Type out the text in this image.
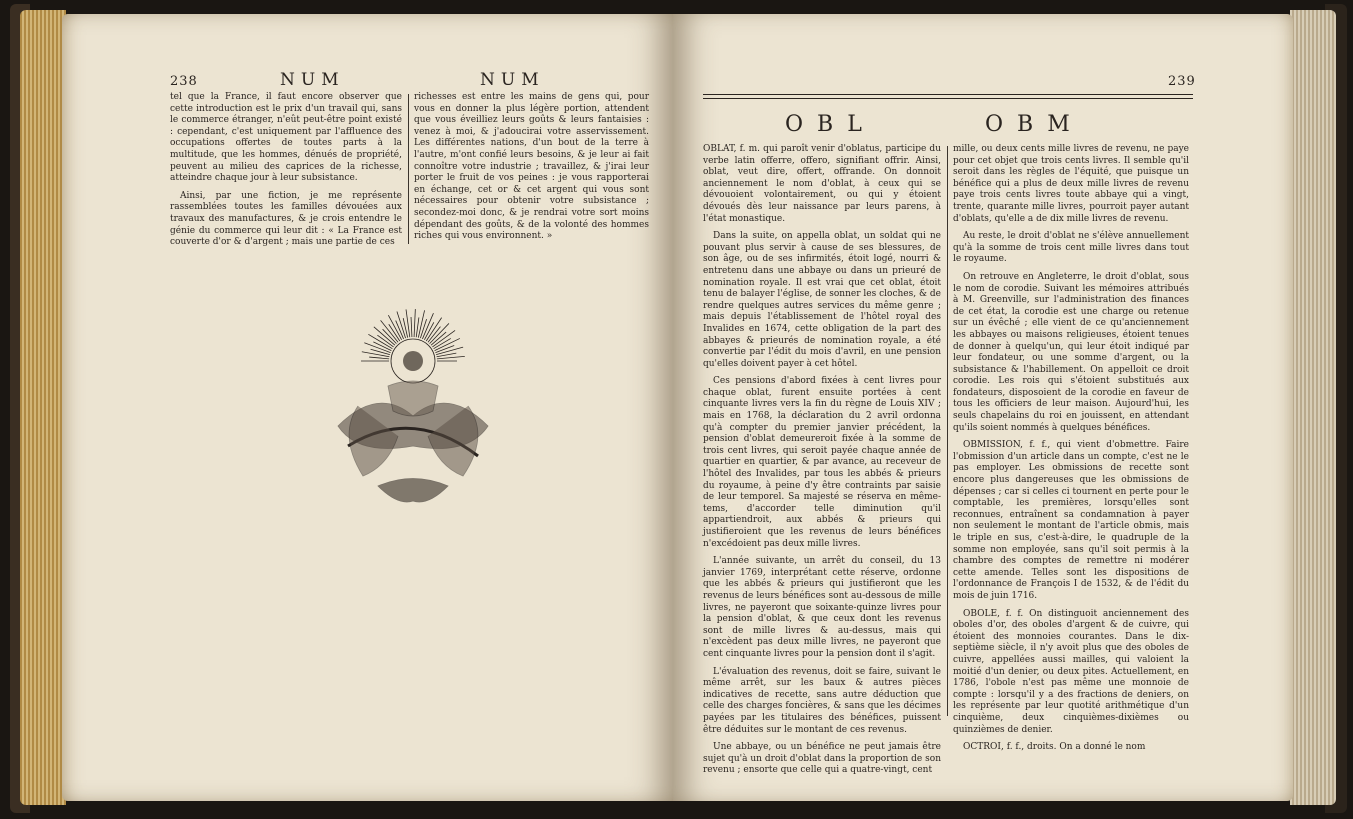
238	NUM	NUM

tel que la France, il faut encore observer que cette introduction est le prix d'un travail qui, sans le commerce étranger, n'eût peut-être point existé : cependant, c'est uniquement par l'affluence des occupations offertes de toutes parts à la multitude, que les hommes, dénués de propriété, peuvent au milieu des caprices de la richesse, atteindre chaque jour à leur subsistance.

Ainsi, par une fiction, je me représente rassemblées toutes les familles dévouées aux travaux des manufactures, & je crois entendre le génie du commerce qui leur dit : « La France est couverte d'or & d'argent ; mais une partie de ces

richesses est entre les mains de gens qui, pour vous en donner la plus légère portion, attendent que vous éveilliez leurs goûts & leurs fantaisies : venez à moi, & j'adoucirai votre asservissement. Les différentes nations, d'un bout de la terre à l'autre, m'ont confié leurs besoins, & je leur ai fait connoître votre industrie ; travaillez, & j'irai leur porter le fruit de vos peines : je vous rapporterai en échange, cet or & cet argent qui vous sont nécessaires pour obtenir votre subsistance ; secondez-moi donc, & je rendrai votre sort moins dépendant des goûts, & de la volonté des hommes riches qui vous environnent. »

239
OBL	OBM

OBLAT, f. m. qui paroît venir d'oblatus, participe du verbe latin offerre, offero, signifiant offrir. Ainsi, oblat, veut dire, offert, offrande. On donnoit anciennement le nom d'oblat, à ceux qui se dévouoient volontairement, ou qui y étoient dévoués dès leur naissance par leurs parens, à l'état monastique.

Dans la suite, on appella oblat, un soldat qui ne pouvant plus servir à cause de ses blessures, de son âge, ou de ses infirmités, étoit logé, nourri & entretenu dans une abbaye ou dans un prieuré de nomination royale. Il est vrai que cet oblat, étoit tenu de balayer l'église, de sonner les cloches, & de rendre quelques autres services du même genre ; mais depuis l'établissement de l'hôtel royal des Invalides en 1674, cette obligation de la part des abbayes & prieurés de nomination royale, a été convertie par l'édit du mois d'avril, en une pension qu'elles doivent payer à cet hôtel.

Ces pensions d'abord fixées à cent livres pour chaque oblat, furent ensuite portées à cent cinquante livres vers la fin du règne de Louis XIV ; mais en 1768, la déclaration du 2 avril ordonna qu'à compter du premier janvier précédent, la pension d'oblat demeureroit fixée à la somme de trois cent livres, qui seroit payée chaque année de quartier en quartier, & par avance, au receveur de l'hôtel des Invalides, par tous les abbés & prieurs du royaume, à peine d'y être contraints par saisie de leur temporel. Sa majesté se réserva en même-tems, d'accorder telle diminution qu'il appartiendroit, aux abbés & prieurs qui justifieroient que les revenus de leurs bénéfices n'excédoient pas deux mille livres.

L'année suivante, un arrêt du conseil, du 13 janvier 1769, interprétant cette réserve, ordonne que les abbés & prieurs qui justifieront que les revenus de leurs bénéfices sont au-dessous de mille livres, ne payeront que soixante-quinze livres pour la pension d'oblat, & que ceux dont les revenus sont de mille livres & au-dessus, mais qui n'excèdent pas deux mille livres, ne payeront que cent cinquante livres pour la pension dont il s'agit.

L'évaluation des revenus, doit se faire, suivant le même arrêt, sur les baux & autres pièces indicatives de recette, sans autre déduction que celle des charges foncières, & sans que les décimes payées par les titulaires des bénéfices, puissent être déduites sur le montant de ces revenus.

Une abbaye, ou un bénéfice ne peut jamais être sujet qu'à un droit d'oblat dans la proportion de son revenu ; ensorte que celle qui a quatre-vingt, cent

mille, ou deux cents mille livres de revenu, ne paye pour cet objet que trois cents livres. Il semble qu'il seroit dans les règles de l'équité, que puisque un bénéfice qui a plus de deux mille livres de revenu paye trois cents livres toute abbaye qui a vingt, trente, quarante mille livres, pourroit payer autant d'oblats, qu'elle a de dix mille livres de revenu.

Au reste, le droit d'oblat ne s'élève annuellement qu'à la somme de trois cent mille livres dans tout le royaume.

On retrouve en Angleterre, le droit d'oblat, sous le nom de corodie. Suivant les mémoires attribués à M. Greenville, sur l'administration des finances de cet état, la corodie est une charge ou retenue sur un évêché ; elle vient de ce qu'anciennement les abbayes ou maisons religieuses, étoient tenues de donner à quelqu'un, qui leur étoit indiqué par leur fondateur, ou une somme d'argent, ou la subsistance & l'habillement. On appelloit ce droit corodie. Les rois qui s'étoient substitués aux fondateurs, disposoient de la corodie en faveur de tous les officiers de leur maison. Aujourd'hui, les seuls chapelains du roi en jouissent, en attendant qu'ils soient nommés à quelques bénéfices.

OBMISSION, f. f., qui vient d'obmettre. Faire l'obmission d'un article dans un compte, c'est ne le pas employer. Les obmissions de recette sont encore plus dangereuses que les obmissions de dépenses ; car si celles ci tournent en perte pour le comptable, les premières, lorsqu'elles sont reconnues, entraînent sa condamnation à payer non seulement le montant de l'article obmis, mais le triple en sus, c'est-à-dire, le quadruple de la somme non employée, sans qu'il soit permis à la chambre des comptes de remettre ni modérer cette amende. Telles sont les dispositions de l'ordonnance de François I de 1532, & de l'édit du mois de juin 1716.

OBOLE, f. f. On distinguoit anciennement des oboles d'or, des oboles d'argent & de cuivre, qui étoient des monnoies courantes. Dans le dix-septième siècle, il n'y avoit plus que des oboles de cuivre, appellées aussi mailles, qui valoient la moitié d'un denier, ou deux pites. Actuellement, en 1786, l'obole n'est pas même une monnoie de compte : lorsqu'il y a des fractions de deniers, on les représente par leur quotité arithmétique d'un cinquième, deux cinquièmes-dixièmes ou quinzièmes de denier.

OCTROI, f. f., droits. On a donné le nom
